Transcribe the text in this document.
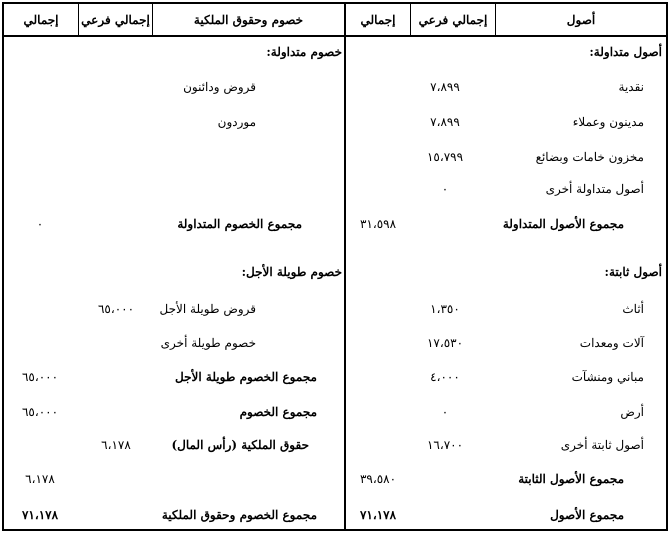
أصول
إجمالي فرعي
إجمالي
خصوم وحقوق الملكية
إجمالي فرعي
إجمالي
أصول متداولة:
نقدية
٧،٨٩٩
مدينون وعملاء
٧،٨٩٩
مخزون خامات وبضائع
١٥،٧٩٩
أصول متداولة أخرى
٠
مجموع الأصول المتداولة
٣١،٥٩٨
أصول ثابتة:
أثاث
١،٣٥٠
آلات ومعدات
١٧،٥٣٠
مباني ومنشآت
٤،٠٠٠
أرض
٠
أصول ثابتة أخرى
١٦،٧٠٠
مجموع الأصول الثابتة
٣٩،٥٨٠
مجموع الأصول
٧١،١٧٨
خصوم متداولة:
قروض ودائنون
موردون
مجموع الخصوم المتداولة
٠
خصوم طويلة الأجل:
قروض طويلة الأجل
٦٥،٠٠٠
خصوم طويلة أخرى
مجموع الخصوم طويلة الأجل
٦٥،٠٠٠
مجموع الخصوم
٦٥،٠٠٠
حقوق الملكية (رأس المال)
٦،١٧٨
٦،١٧٨
مجموع الخصوم وحقوق الملكية
٧١،١٧٨
